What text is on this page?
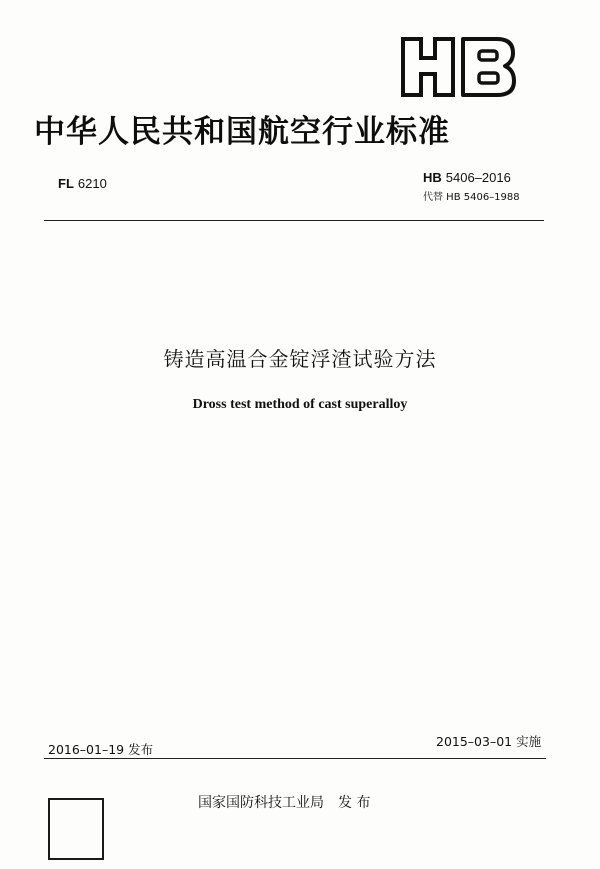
中华人民共和国航空行业标准
FL 6210	HB 5406–2016
代替 HB 5406–1988
铸造高温合金锭浮渣试验方法
Dross test method of cast superalloy
2016–01–19 发布
2015–03–01 实施
国家国防科技工业局 发 布
